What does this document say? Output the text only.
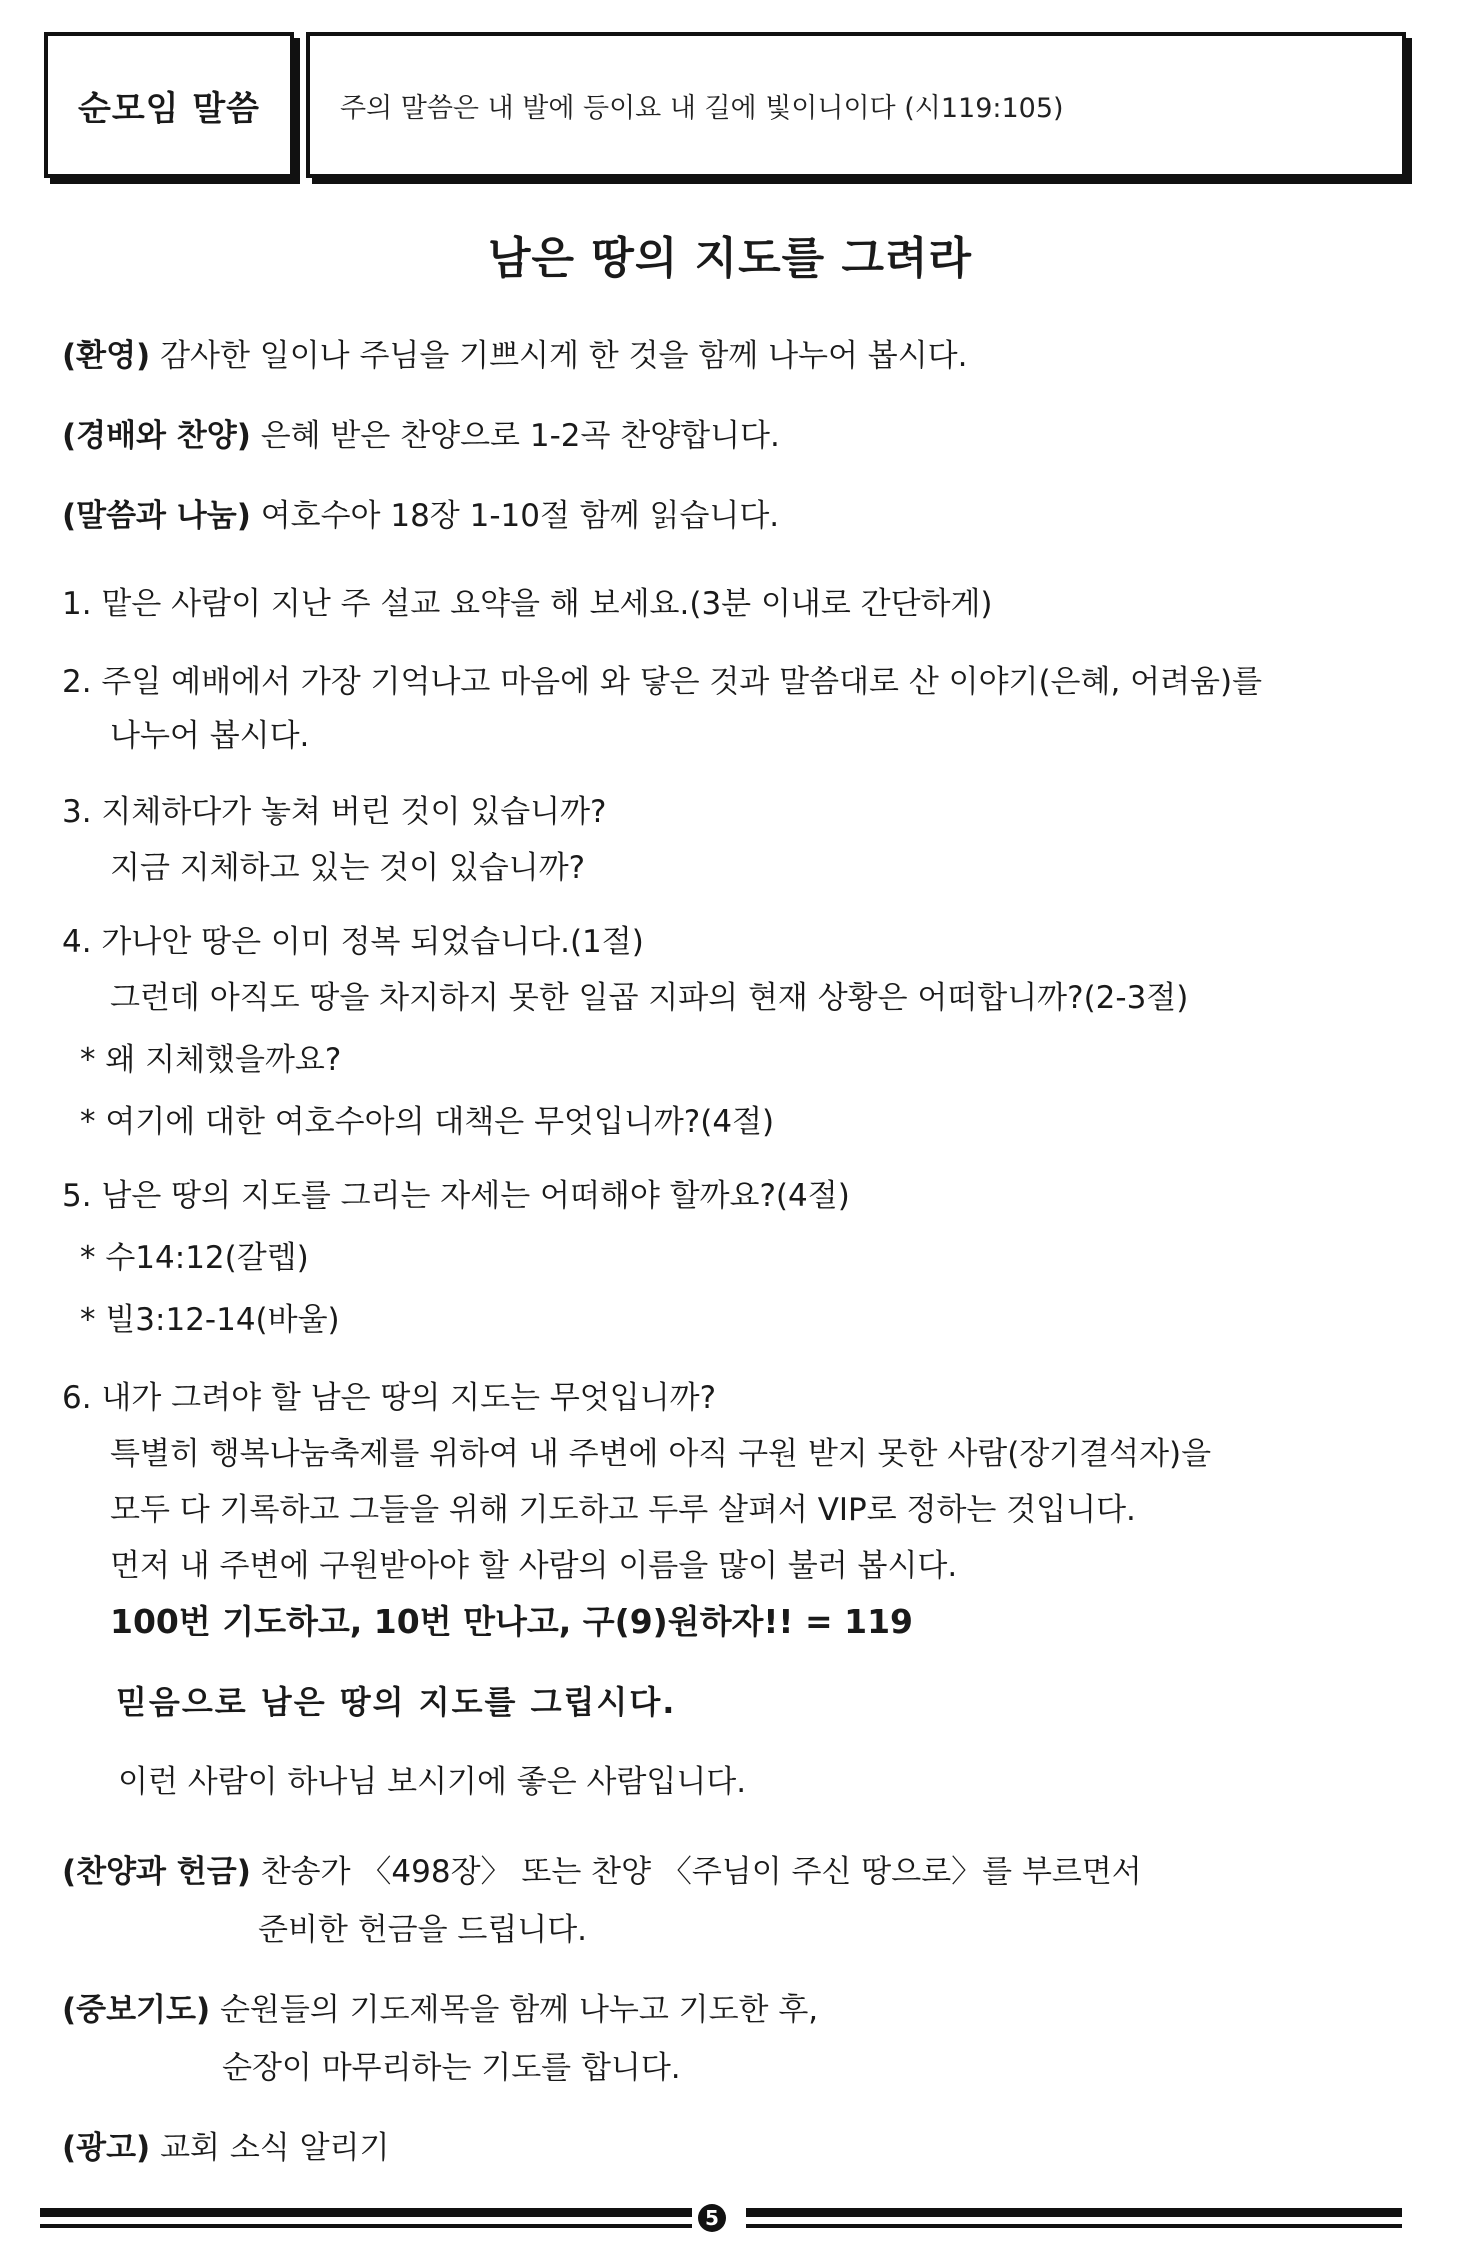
순모임 말씀	주의 말씀은 내 발에 등이요 내 길에 빛이니이다 (시119:105)
남은 땅의 지도를 그려라
(환영) 감사한 일이나 주님을 기쁘시게 한 것을 함께 나누어 봅시다.
(경배와 찬양) 은혜 받은 찬양으로 1-2곡 찬양합니다.
(말씀과 나눔) 여호수아 18장 1-10절 함께 읽습니다.
1. 맡은 사람이 지난 주 설교 요약을 해 보세요.(3분 이내로 간단하게)
2. 주일 예배에서 가장 기억나고 마음에 와 닿은 것과 말씀대로 산 이야기(은혜, 어려움)를
나누어 봅시다.
3. 지체하다가 놓쳐 버린 것이 있습니까?
지금 지체하고 있는 것이 있습니까?
4. 가나안 땅은 이미 정복 되었습니다.(1절)
그런데 아직도 땅을 차지하지 못한 일곱 지파의 현재 상황은 어떠합니까?(2-3절)
* 왜 지체했을까요?
* 여기에 대한 여호수아의 대책은 무엇입니까?(4절)
5. 남은 땅의 지도를 그리는 자세는 어떠해야 할까요?(4절)
* 수14:12(갈렙)
* 빌3:12-14(바울)
6. 내가 그려야 할 남은 땅의 지도는 무엇입니까?
특별히 행복나눔축제를 위하여 내 주변에 아직 구원 받지 못한 사람(장기결석자)을
모두 다 기록하고 그들을 위해 기도하고 두루 살펴서 VIP로 정하는 것입니다.
먼저 내 주변에 구원받아야 할 사람의 이름을 많이 불러 봅시다.
100번 기도하고, 10번 만나고, 구(9)원하자!! = 119
믿음으로 남은 땅의 지도를 그립시다.
이런 사람이 하나님 보시기에 좋은 사람입니다.
(찬양과 헌금) 찬송가 〈498장〉 또는 찬양 〈주님이 주신 땅으로〉를 부르면서
준비한 헌금을 드립니다.
(중보기도) 순원들의 기도제목을 함께 나누고 기도한 후,
순장이 마무리하는 기도를 합니다.
(광고) 교회 소식 알리기
5
